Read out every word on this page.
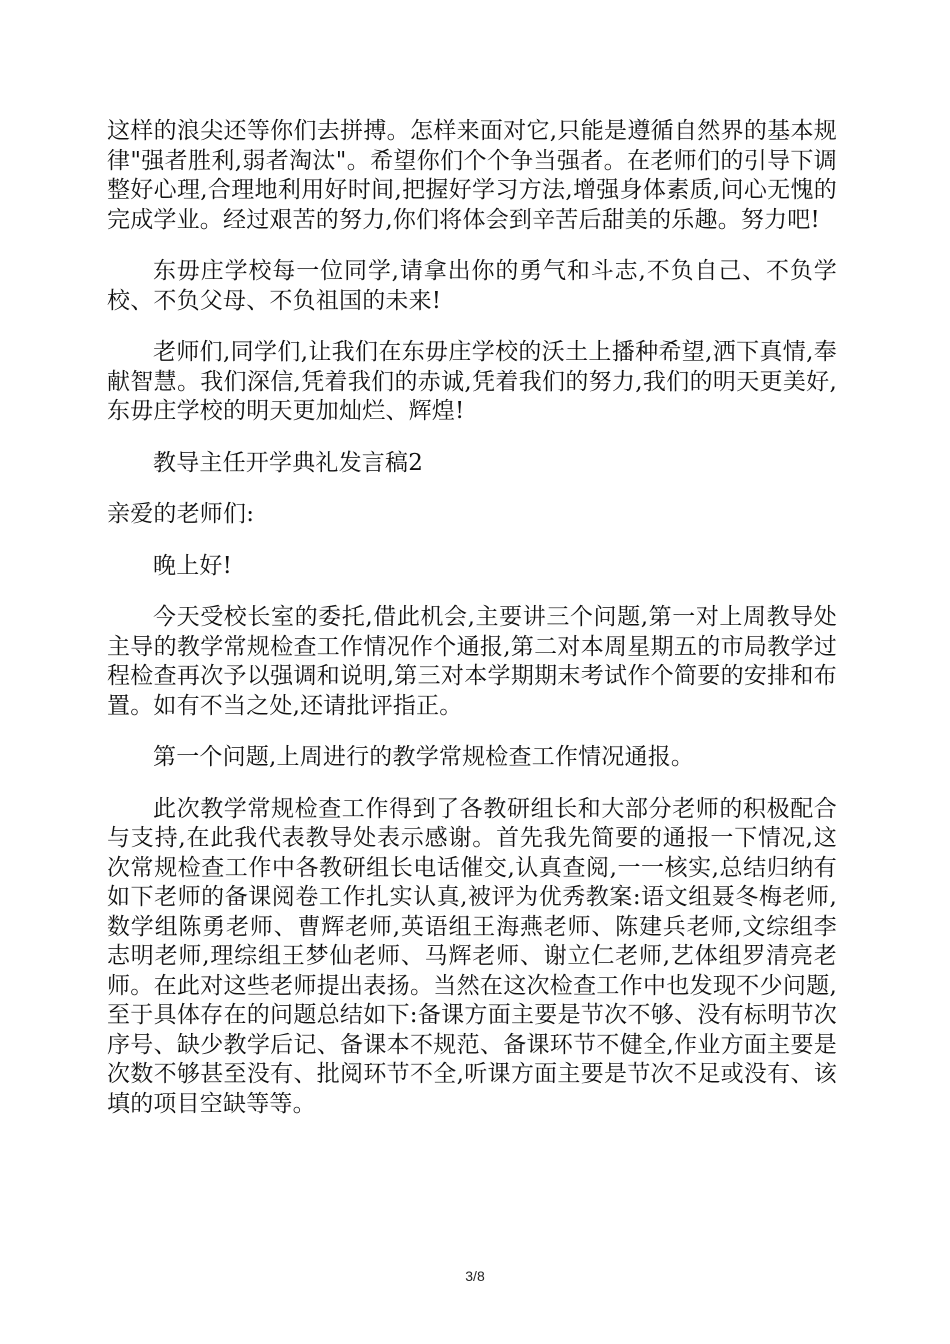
这样的浪尖还等你们去拼搏。怎样来面对它,只能是遵循自然界的基本规律"强者胜利,弱者淘汰"。希望你们个个争当强者。在老师们的引导下调整好心理,合理地利用好时间,把握好学习方法,增强身体素质,问心无愧的完成学业。经过艰苦的努力,你们将体会到辛苦后甜美的乐趣。努力吧!

东毋庄学校每一位同学,请拿出你的勇气和斗志,不负自己、不负学校、不负父母、不负祖国的未来!

老师们,同学们,让我们在东毋庄学校的沃土上播种希望,洒下真情,奉献智慧。我们深信,凭着我们的赤诚,凭着我们的努力,我们的明天更美好,东毋庄学校的明天更加灿烂、辉煌!

教导主任开学典礼发言稿2

亲爱的老师们:

晚上好!

今天受校长室的委托,借此机会,主要讲三个问题,第一对上周教导处主导的教学常规检查工作情况作个通报,第二对本周星期五的市局教学过程检查再次予以强调和说明,第三对本学期期末考试作个简要的安排和布置。如有不当之处,还请批评指正。

第一个问题,上周进行的教学常规检查工作情况通报。

此次教学常规检查工作得到了各教研组长和大部分老师的积极配合与支持,在此我代表教导处表示感谢。首先我先简要的通报一下情况,这次常规检查工作中各教研组长电话催交,认真查阅,一一核实,总结归纳有如下老师的备课阅卷工作扎实认真,被评为优秀教案:语文组聂冬梅老师,数学组陈勇老师、曹辉老师,英语组王海燕老师、陈建兵老师,文综组李志明老师,理综组王梦仙老师、马辉老师、谢立仁老师,艺体组罗清亮老师。在此对这些老师提出表扬。当然在这次检查工作中也发现不少问题,至于具体存在的问题总结如下:备课方面主要是节次不够、没有标明节次序号、缺少教学后记、备课本不规范、备课环节不健全,作业方面主要是次数不够甚至没有、批阅环节不全,听课方面主要是节次不足或没有、该填的项目空缺等等。

3/8
